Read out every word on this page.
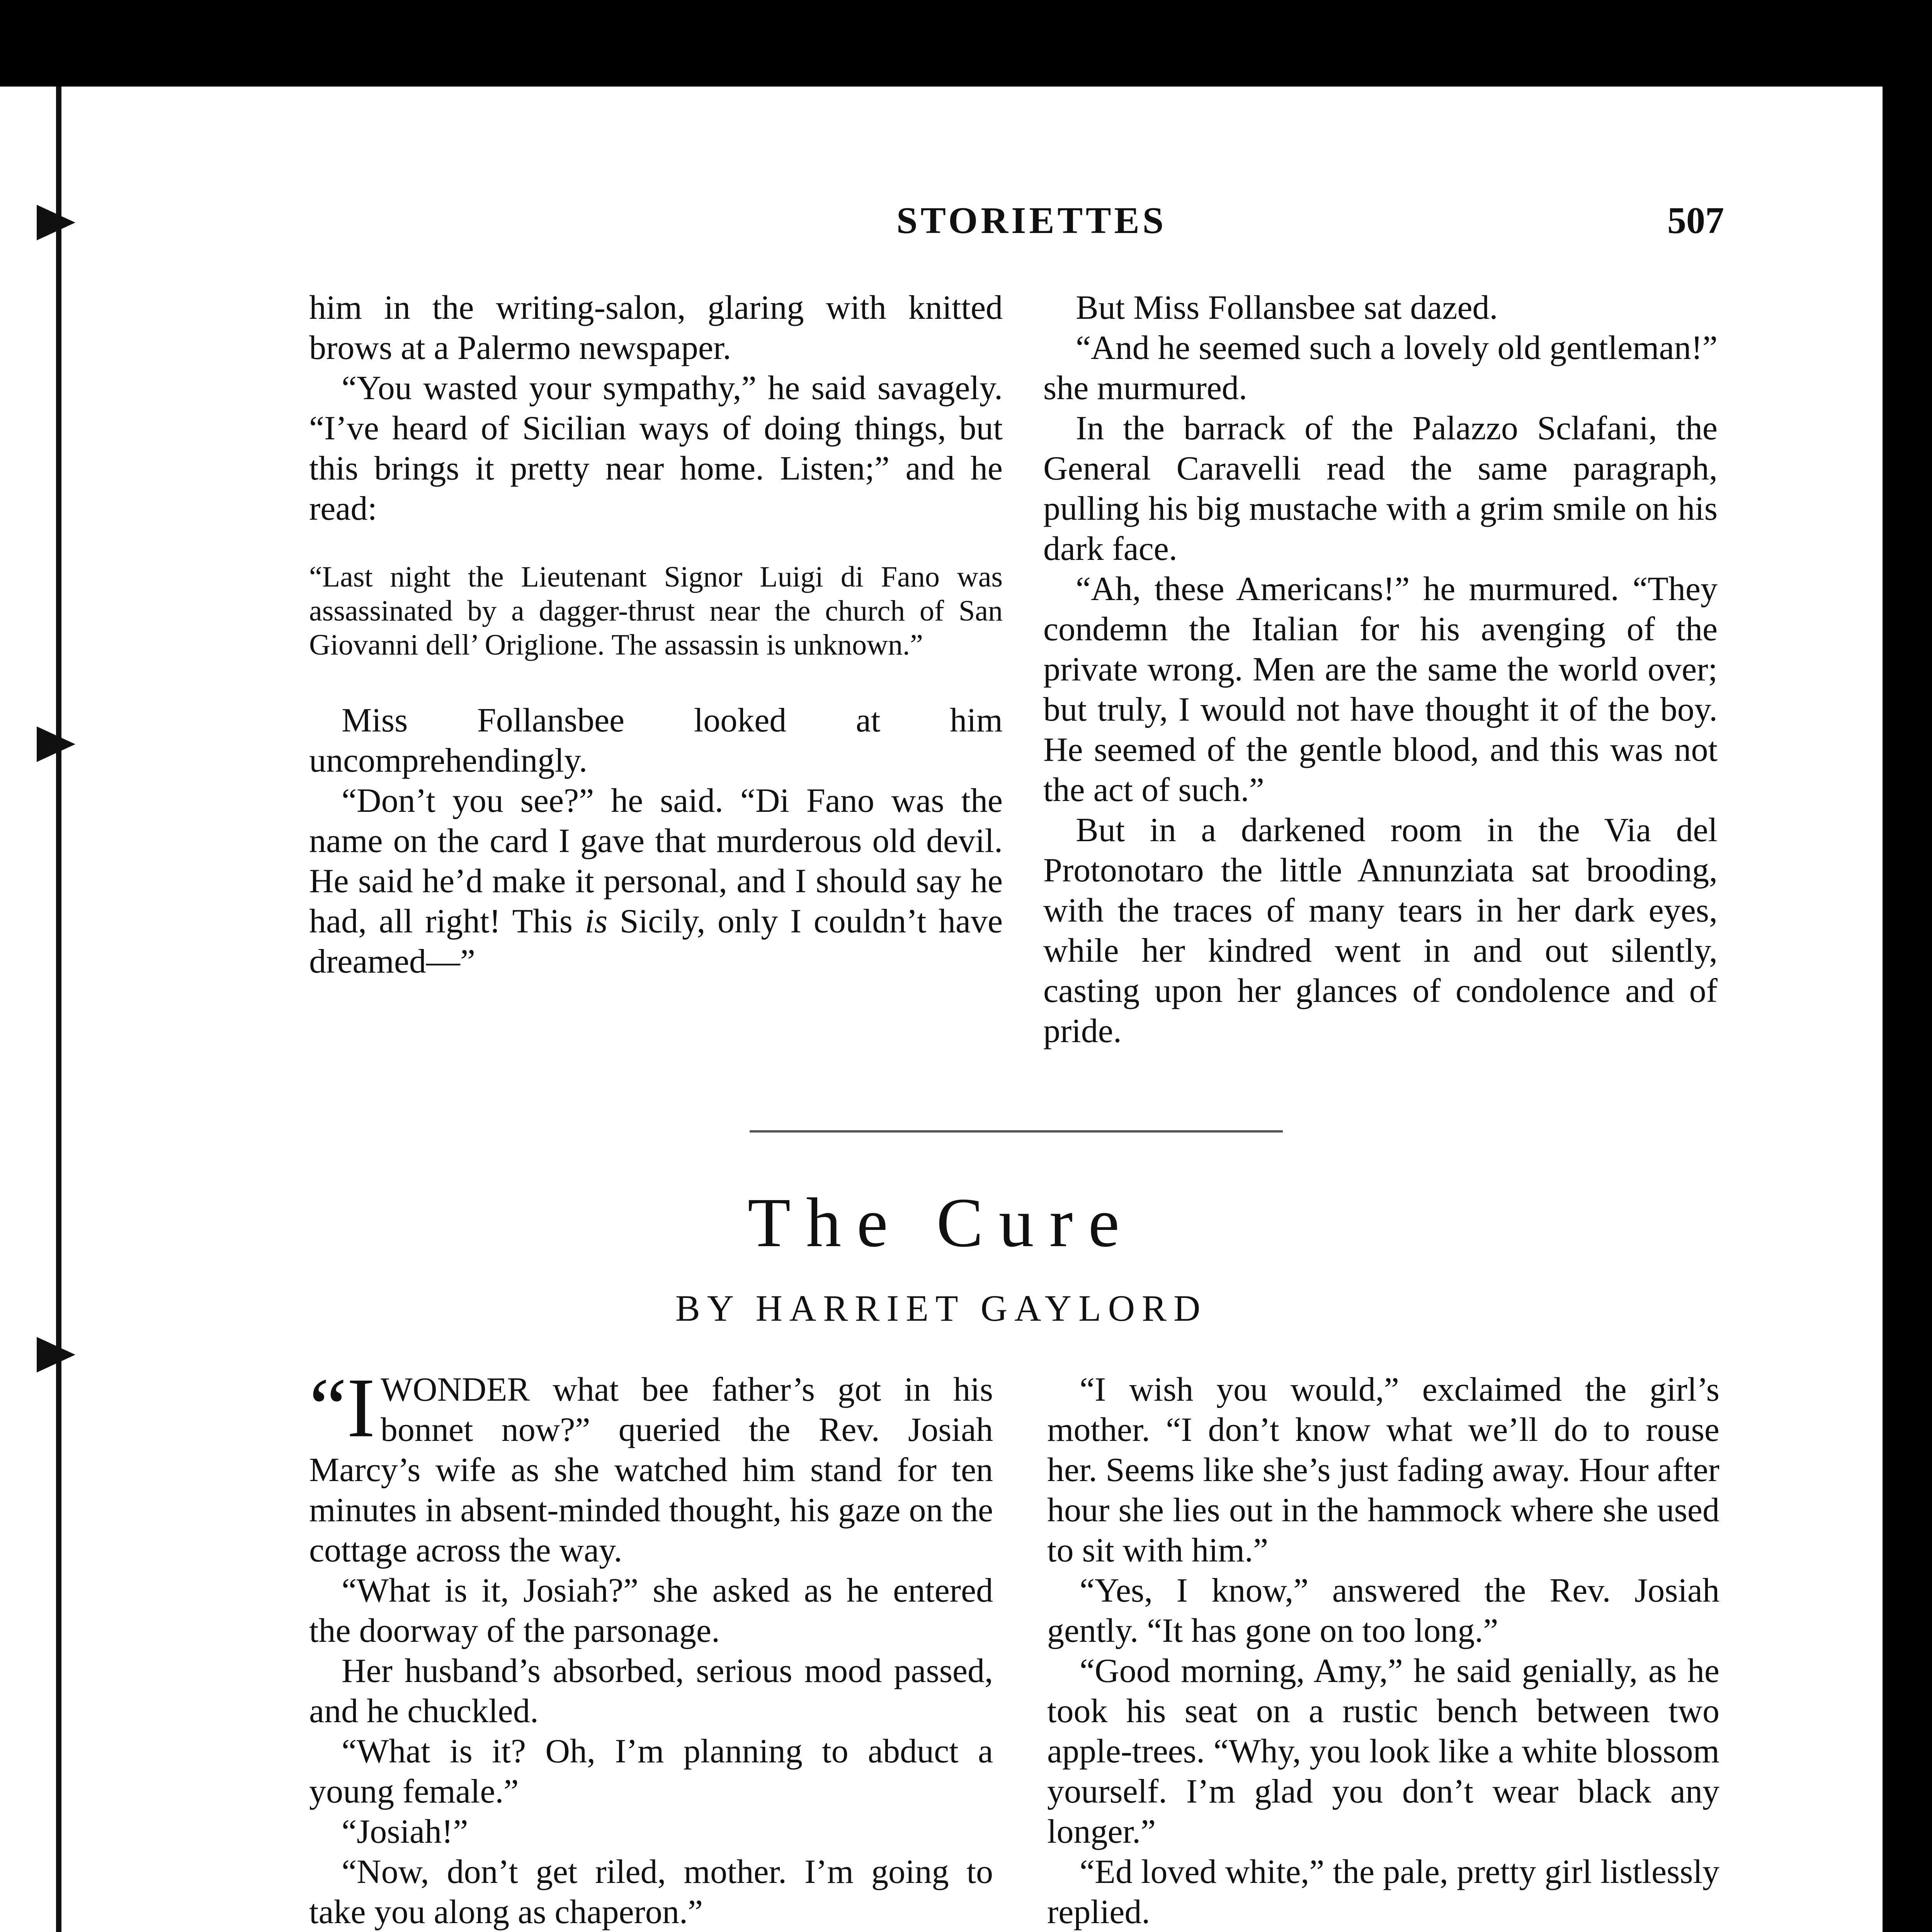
STORIETTES	507

him in the writing-salon, glaring with knitted brows at a Palermo newspaper.

“You wasted your sympathy,” he said savagely. “I’ve heard of Sicilian ways of doing things, but this brings it pretty near home. Listen;” and he read:

“Last night the Lieutenant Signor Luigi di Fano was assassinated by a dagger-thrust near the church of San Giovanni dell’ Origlione. The assassin is unknown.”

Miss Follansbee looked at him uncomprehendingly.

“Don’t you see?” he said. “Di Fano was the name on the card I gave that murderous old devil. He said he’d make it personal, and I should say he had, all right! This is Sicily, only I couldn’t have dreamed—”

But Miss Follansbee sat dazed.

“And he seemed such a lovely old gentleman!” she murmured.

In the barrack of the Palazzo Sclafani, the General Caravelli read the same paragraph, pulling his big mustache with a grim smile on his dark face.

“Ah, these Americans!” he murmured. “They condemn the Italian for his avenging of the private wrong. Men are the same the world over; but truly, I would not have thought it of the boy. He seemed of the gentle blood, and this was not the act of such.”

But in a darkened room in the Via del Protonotaro the little Annunziata sat brooding, with the traces of many tears in her dark eyes, while her kindred went in and out silently, casting upon her glances of condolence and of pride.

The Cure
BY HARRIET GAYLORD

“IWONDER what bee father’s got in his bonnet now?” queried the Rev. Josiah Marcy’s wife as she watched him stand for ten minutes in absent-minded thought, his gaze on the cottage across the way.

“What is it, Josiah?” she asked as he entered the doorway of the parsonage.

Her husband’s absorbed, serious mood passed, and he chuckled.

“What is it? Oh, I’m planning to abduct a young female.”

“Josiah!”

“Now, don’t get riled, mother. I’m going to take you along as chaperon.”

“I wish you would,” exclaimed the girl’s mother. “I don’t know what we’ll do to rouse her. Seems like she’s just fading away. Hour after hour she lies out in the hammock where she used to sit with him.”

“Yes, I know,” answered the Rev. Josiah gently. “It has gone on too long.”

“Good morning, Amy,” he said genially, as he took his seat on a rustic bench between two apple-trees. “Why, you look like a white blossom yourself. I’m glad you don’t wear black any longer.”

“Ed loved white,” the pale, pretty girl listlessly replied.
